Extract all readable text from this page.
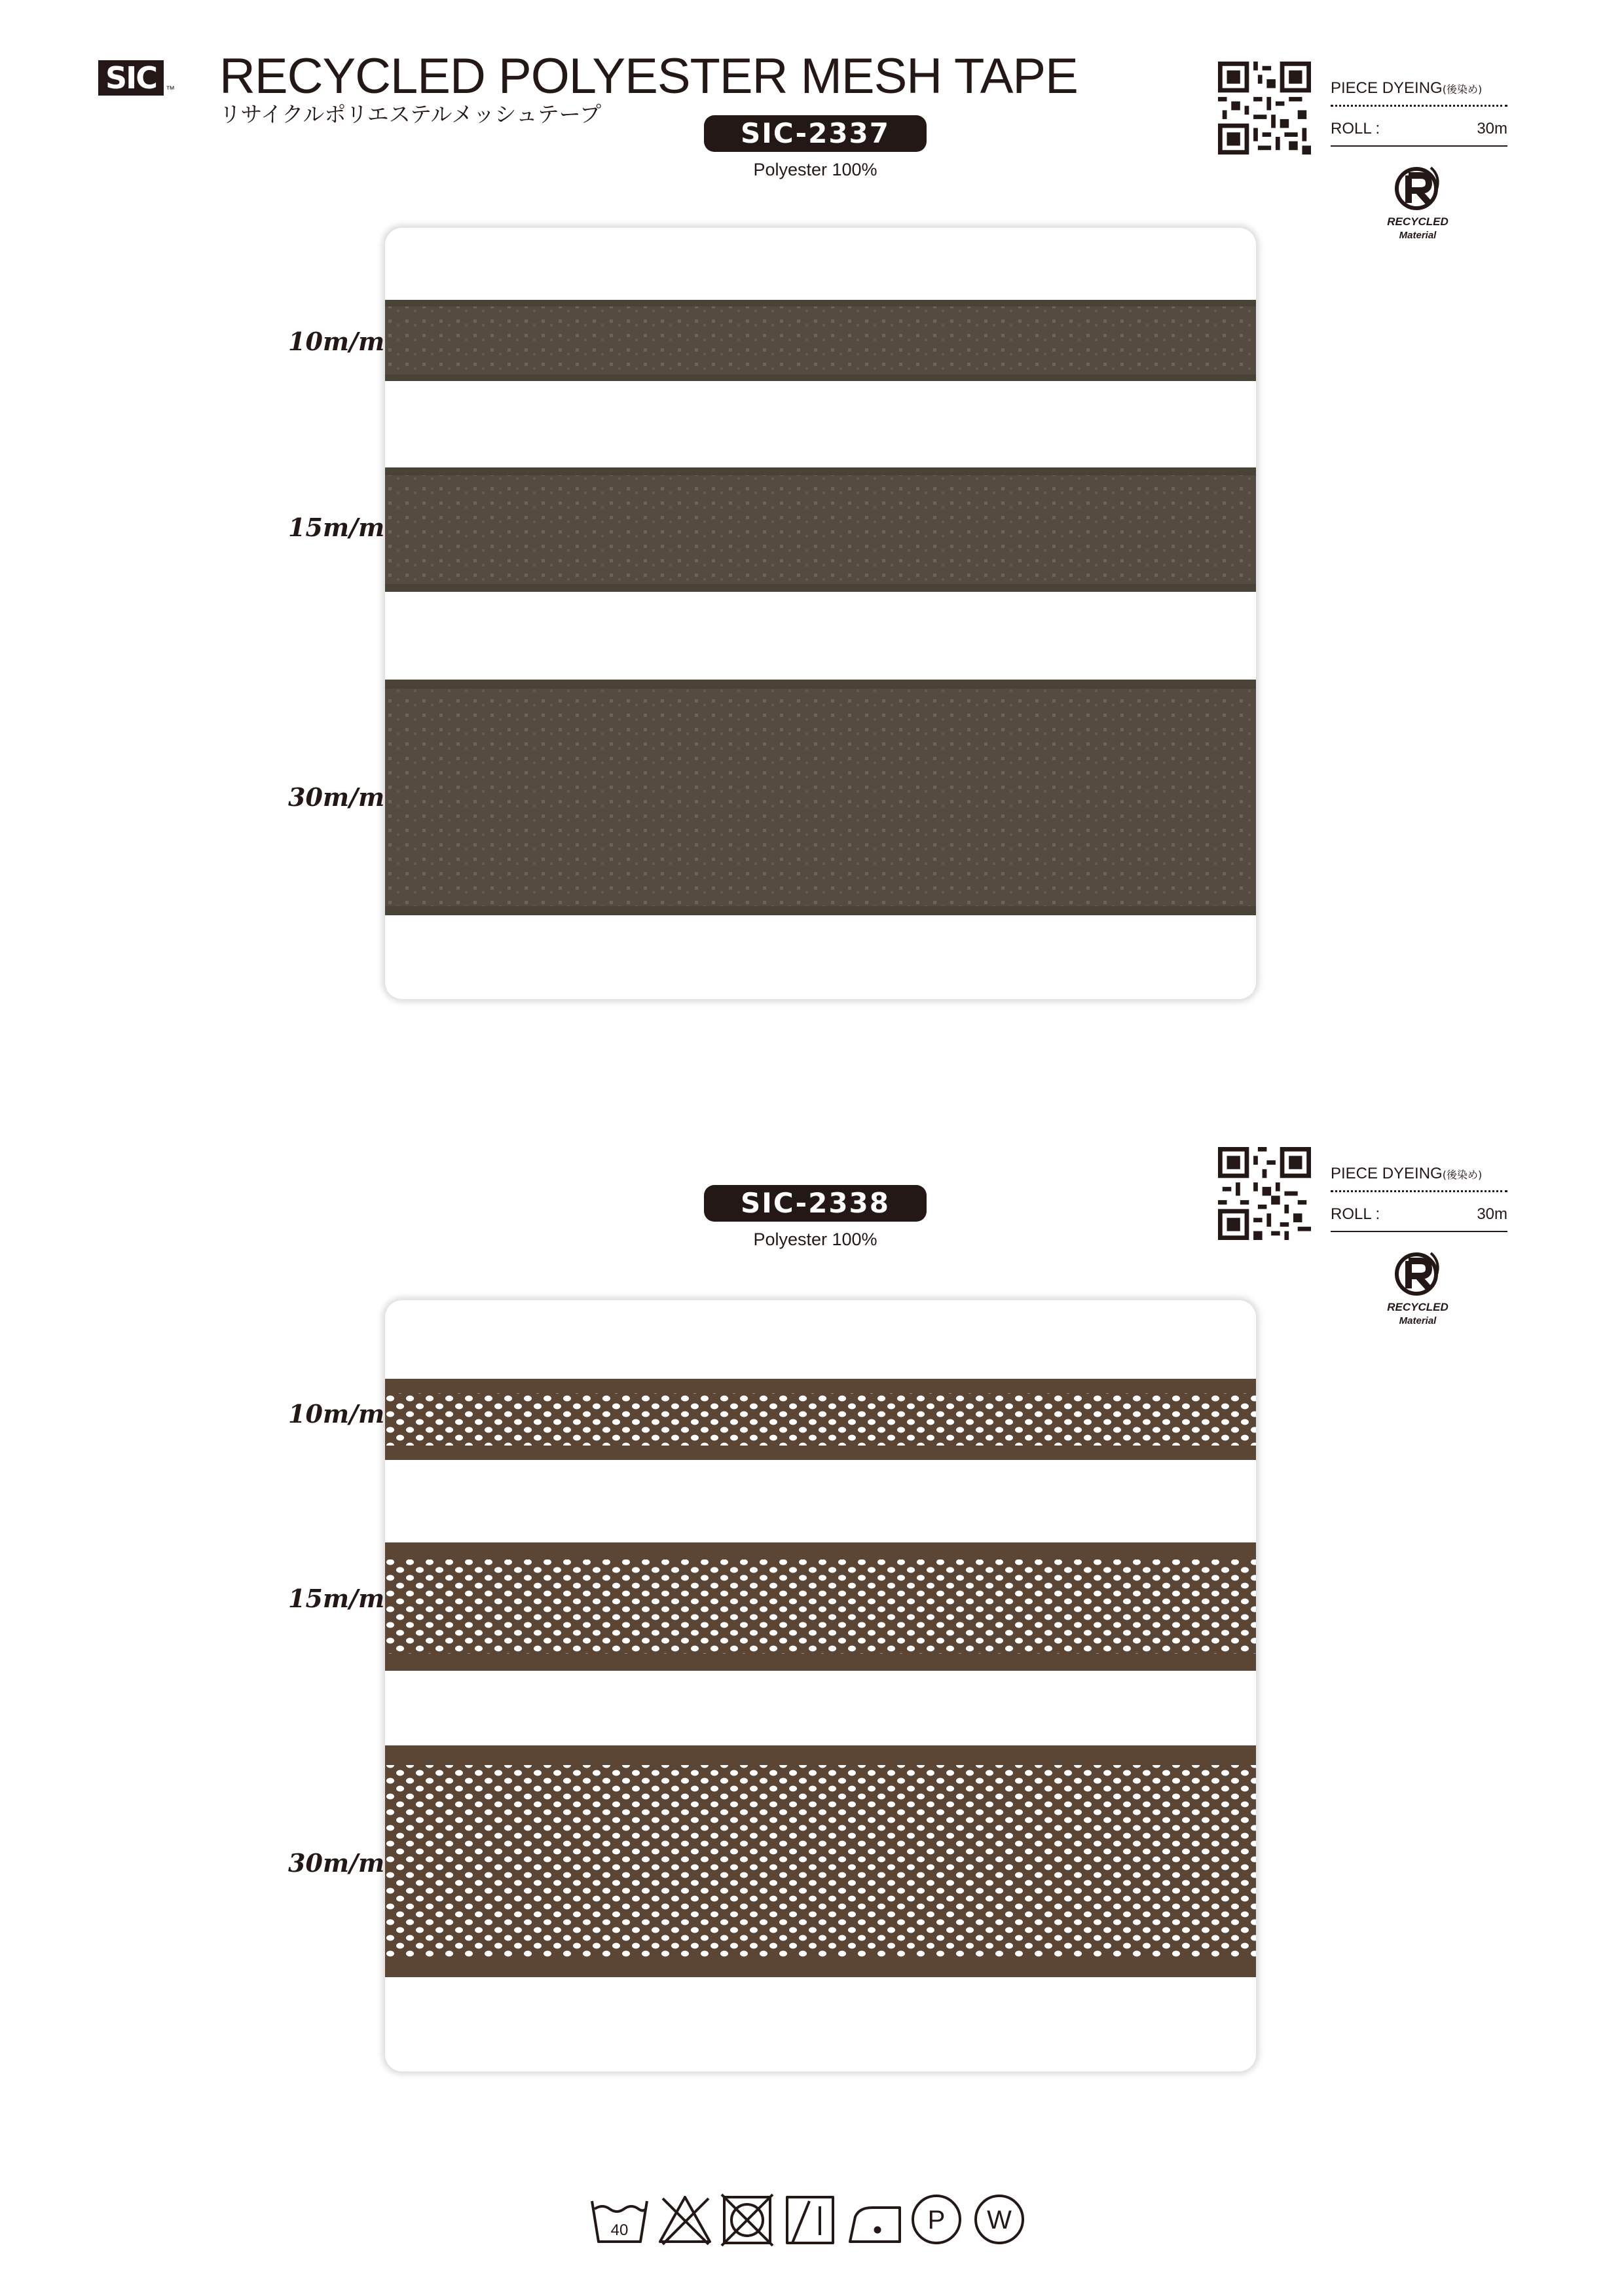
SIC	™ RECYCLED POLYESTER MESH TAPE
リサイクルポリエステルメッシュテープ
SIC-2337
Polyester 100%
PIECE DYEING(後染め)
ROLL :	30m
RECYCLED
Material
10m/m
15m/m
30m/m
SIC-2338
Polyester 100%
PIECE DYEING(後染め)
ROLL :	30m
RECYCLED
Material
10m/m
15m/m
30m/m
40	P W
